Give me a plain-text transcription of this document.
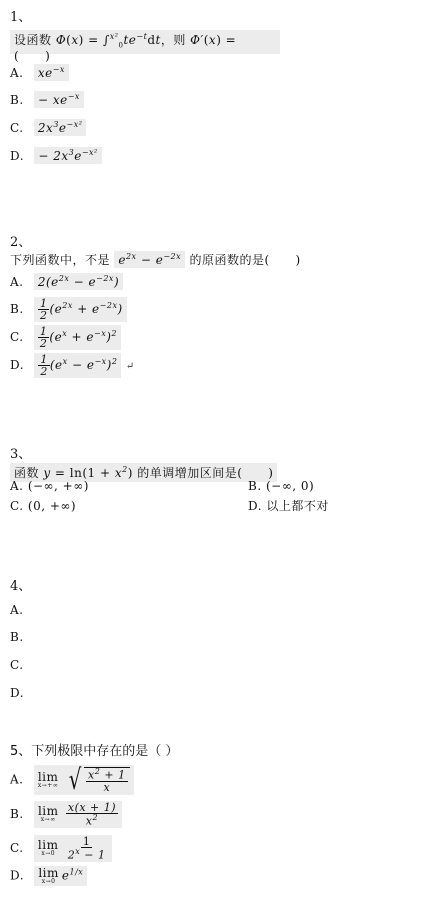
1、
设函数 $\Phi(x) = \int^{x^2}_0te^{-t}dt$，则 Φ′(x) = (      )
A. $xe^{-x}$
B. − $xe^{-x}$
C. $2x^3e^{-x^2}$
D. − $2x^3e^{-x^2}$
2、
下列函数中，不是 $e^{2x} - e^{-2x}$ 的原函数的是(      )
A. $2(e^{2x} - e^{-2x})$
B. $\frac{1}{2} (e^{2x} + e^{-2x})$
C. $\frac{1}{2} (e^x + e^{-x})^2$
D. $\frac{1}{2} (e^x - e^{-x})^2$ ↵
3、
函数 $y = \ln(1 + x^2)$ 的单调增加区间是(      )
A. (−∞, +∞)	B. (−∞, 0)
C. (0, +∞)	D. 以上都不对
4、
A.
B.
C.
D.
5、下列极限中存在的是（ ）
A. lim
x→+∞
√ $\frac{x^2 + 1}{x}$
B. lim
x→∞
$\frac{x(x + 1)}{x^2}$
C. lim
x→0
$\frac{1}{2^x - 1}$
D. lim
x→0 $e^{1/x}$
